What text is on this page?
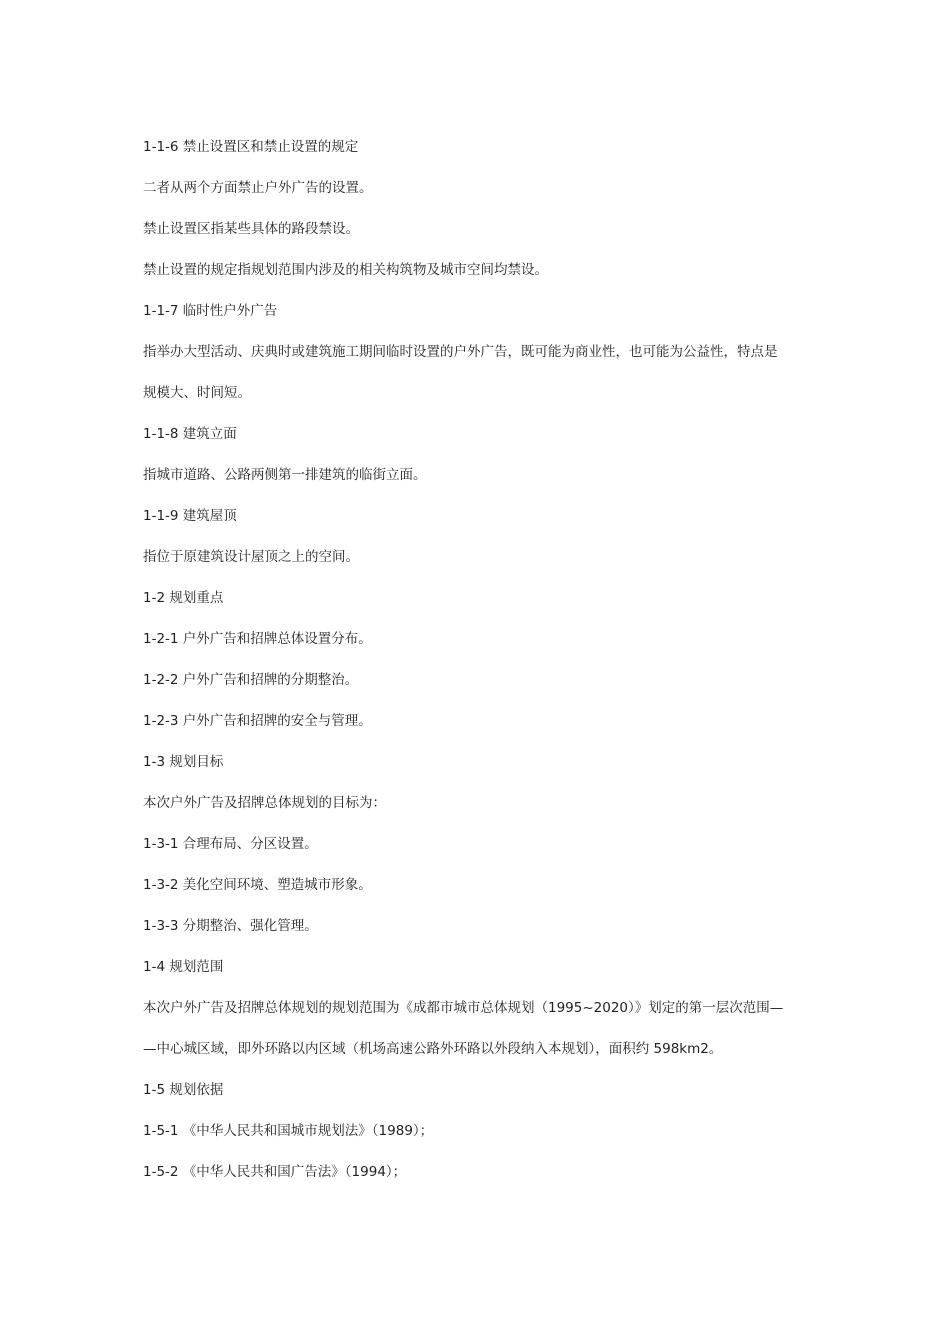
1-1-6 禁止设置区和禁止设置的规定

二者从两个方面禁止户外广告的设置。

禁止设置区指某些具体的路段禁设。

禁止设置的规定指规划范围内涉及的相关构筑物及城市空间均禁设。

1-1-7 临时性户外广告

指举办大型活动、庆典时或建筑施工期间临时设置的户外广告，既可能为商业性，也可能为公益性，特点是

规模大、时间短。

1-1-8 建筑立面

指城市道路、公路两侧第一排建筑的临街立面。

1-1-9 建筑屋顶

指位于原建筑设计屋顶之上的空间。

1-2 规划重点

1-2-1 户外广告和招牌总体设置分布。

1-2-2 户外广告和招牌的分期整治。

1-2-3 户外广告和招牌的安全与管理。

1-3 规划目标

本次户外广告及招牌总体规划的目标为：

1-3-1 合理布局、分区设置。

1-3-2 美化空间环境、塑造城市形象。

1-3-3 分期整治、强化管理。

1-4 规划范围

本次户外广告及招牌总体规划的规划范围为《成都市城市总体规划（1995~2020）》划定的第一层次范围—

—中心城区域，即外环路以内区域（机场高速公路外环路以外段纳入本规划），面积约 598km2。

1-5 规划依据

1-5-1 《中华人民共和国城市规划法》（1989）；

1-5-2 《中华人民共和国广告法》（1994）；
